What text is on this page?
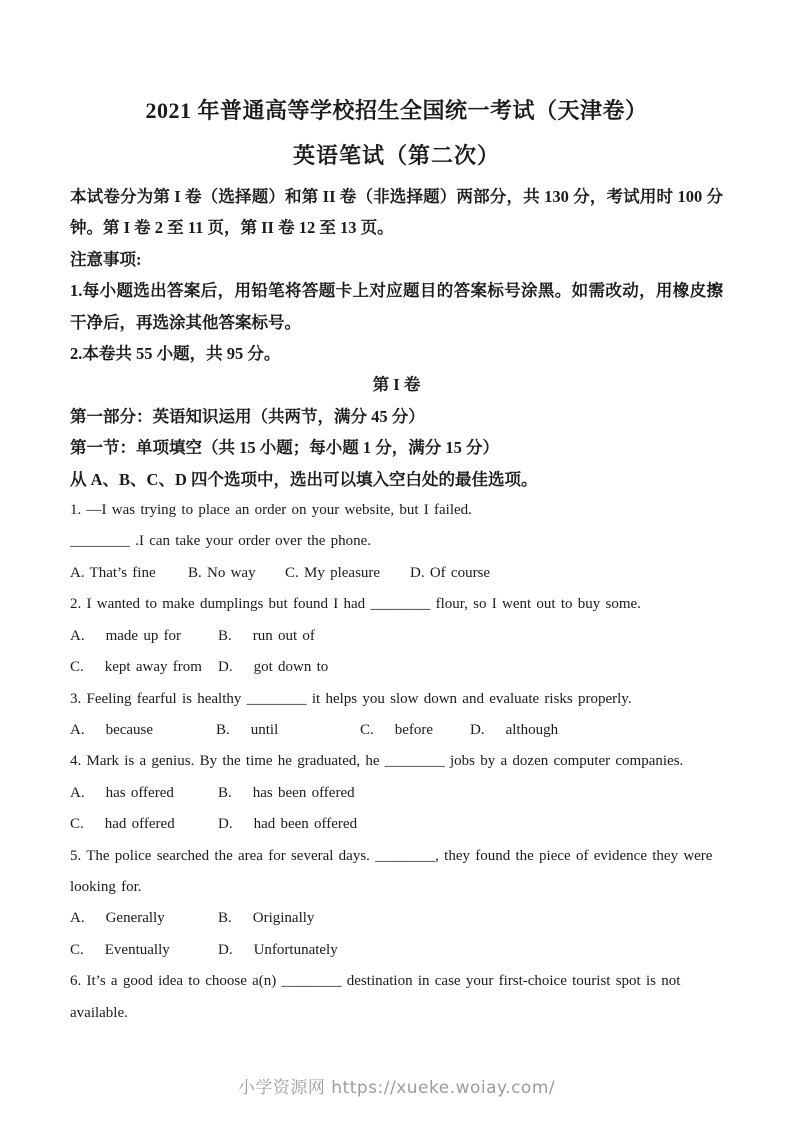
2021 年普通高等学校招生全国统一考试（天津卷）
英语笔试（第二次）

本试卷分为第 I 卷（选择题）和第 II 卷（非选择题）两部分，共 130 分，考试用时 100 分钟。第 I 卷 2 至 11 页，第 II 卷 12 至 13 页。

注意事项:

1.每小题选出答案后，用铅笔将答题卡上对应题目的答案标号涂黑。如需改动，用橡皮擦干净后，再选涂其他答案标号。

2.本卷共 55 小题，共 95 分。

第 I 卷

第一部分：英语知识运用（共两节，满分 45 分）

第一节：单项填空（共 15 小题；每小题 1 分，满分 15 分）

从 A、B、C、D 四个选项中，选出可以填入空白处的最佳选项。

1. —I was trying to place an order on your website, but I failed.

________ .I can take your order over the phone.

A. That’s fine B. No way C. My pleasure D. Of course

2. I wanted to make dumplings but found I had ________ flour, so I went out to buy some.

A.    made up for B.    run out of
C.    kept away from D.    got down to

3. Feeling fearful is healthy ________ it helps you slow down and evaluate risks properly.

A.    because	B.    until	C.    before D.    although

4. Mark is a genius. By the time he graduated, he ________ jobs by a dozen computer companies.

A.    has offered	B.    has been offered
C.    had offered	D.    had been offered

5. The police searched the area for several days. ________, they found the piece of evidence they were looking for.

A.    Generally	B.    Originally
C.    Eventually	D.    Unfortunately

6. It’s a good idea to choose a(n) ________ destination in case your first-choice tourist spot is not available.

小学资源网 https://xueke.woiay.com/
